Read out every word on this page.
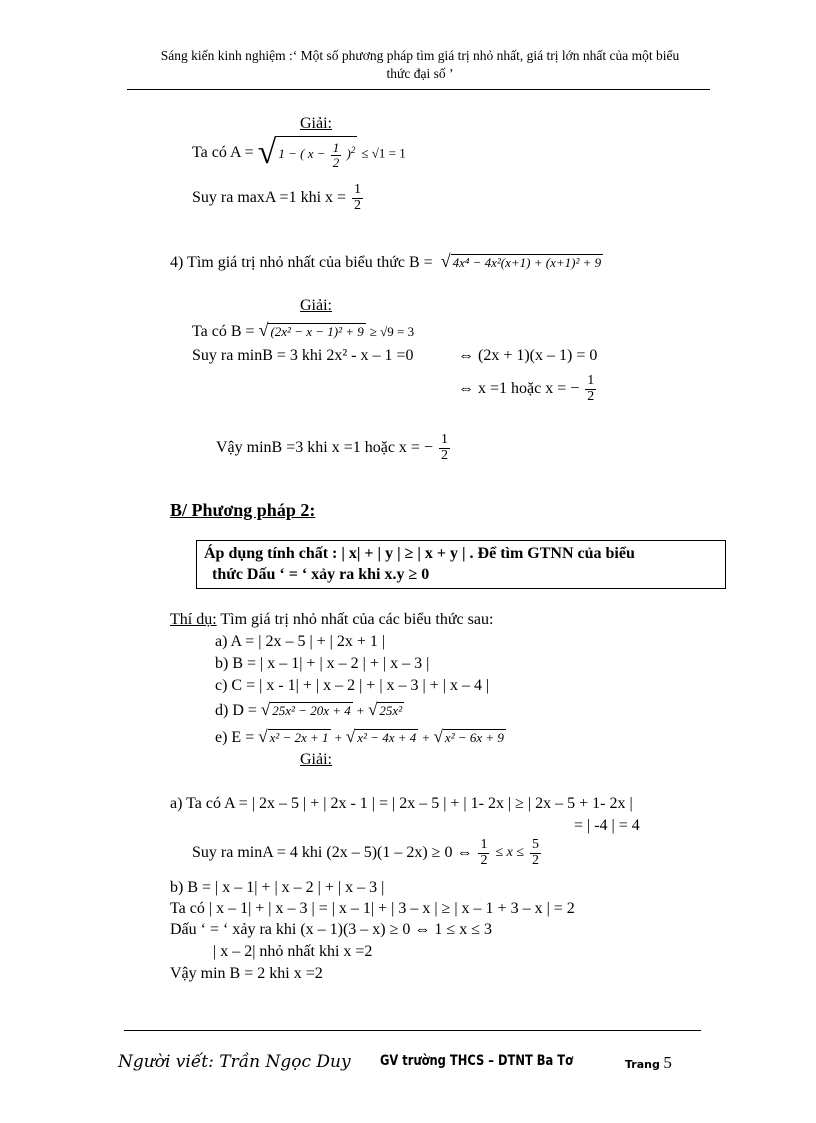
Sáng kiến kinh nghiệm :‘ Một số phương pháp tìm giá trị nhỏ nhất, giá trị lớn nhất của một biểu
thức đại số ’
Giải:
Ta có A = √ 1 − ( $x - \frac{1}{2} )^2 \le √1 = 1$
Suy ra maxA =1 khi $x = \frac{1}{2}$
4) Tìm giá trị nhỏ nhất của biểu thức B = √ 4x⁴ − 4x²(x+1) + (x+1)² + 9
Giải:
Ta có B = √ (2x² − x − 1)² + 9 ≥ √9 = 3
Suy ra minB = 3 khi 2x² - x – 1 =0	⇔ (2x + 1)(x – 1) = 0
⇔ x =1 hoặc x = − $\frac{1}{2}$
Vậy minB =3 khi x =1 hoặc x = − $\frac{1}{2}$
B/ Phương pháp 2:
Áp dụng tính chất : | x| + | y | ≥ | x + y | . Để tìm GTNN của biểu
thức Dấu ‘ = ‘ xảy ra khi x.y ≥ 0
Thí dụ: Tìm giá trị nhỏ nhất của các biểu thức sau:
a) A = | 2x – 5 | + | 2x + 1 |
b) B = | x – 1| + | x – 2 | + | x – 3 |
c) C = | x - 1| + | x – 2 | + | x – 3 | + | x – 4 |
d) D = √ 25x² − 20x + 4 + √ 25x²
e) E = √ x² − 2x + 1 + √ x² − 4x + 4 + √ x² − 6x + 9
Giải:
a) Ta có A = | 2x – 5 | + | 2x - 1 | = | 2x – 5 | + | 1- 2x | ≥ | 2x – 5 + 1- 2x |
= | -4 | = 4
Suy ra minA = 4 khi (2x – 5)(1 – 2x) ≥ 0 ⇔ $\frac{1}{2} \le x \le \frac{5}{2}$
b) B = | x – 1| + | x – 2 | + | x – 3 |
Ta có | x – 1| + | x – 3 | = | x – 1| + | 3 – x | ≥ | x – 1 + 3 – x | = 2
Dấu ‘ = ‘ xảy ra khi (x – 1)(3 – x) ≥ 0 ⇔ 1 ≤ x ≤ 3
| x – 2| nhỏ nhất khi x =2
Vậy min B = 2 khi x =2
Người viết: Trần Ngọc Duy GV trường THCS – DTNT Ba Tơ	Trang 5
